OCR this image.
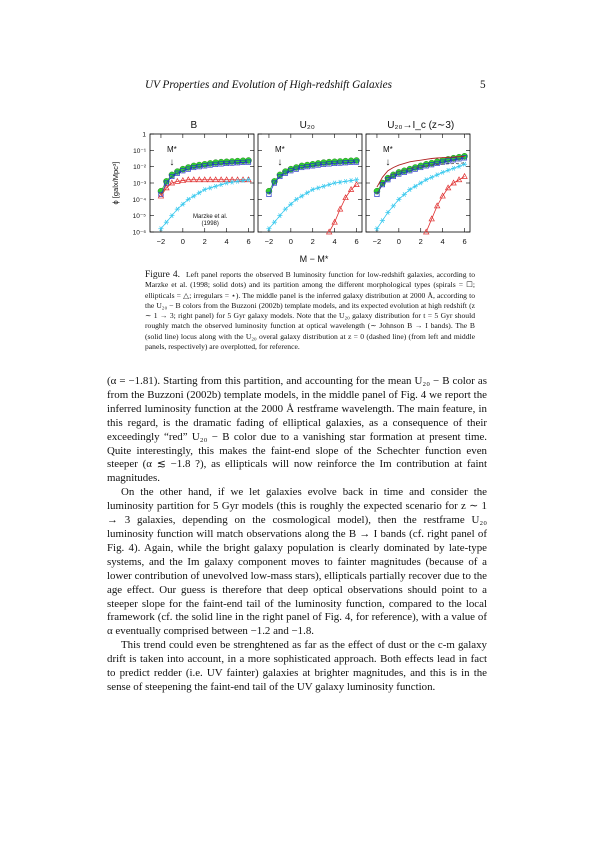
UV Properties and Evolution of High-redshift Galaxies	5
M*
↓
B
Marzke et al.
(1998)
−2 0 2 4 6
M*
↓
U₂₀
−2 0 2 4 6
M*
↓
U₂₀→I_c (z∼3)
−2 0 2 4 6
1
10⁻¹
10⁻²
10⁻³
10⁻⁴
10⁻⁵
10⁻⁶
ϕ [galx/Mpc³]
M − M*
Figure 4. Left panel reports the observed B luminosity function for low-redshift galaxies, according to Marzke et al. (1998; solid dots) and its partition among the different morphological types (spirals = ☐; ellipticals = △; irregulars = ⋆). The middle panel is the inferred galaxy distribution at 2000 Å, according to the U₂₀ − B colors from the Buzzoni (2002b) template models, and its expected evolution at high redshift (z ∼ 1 → 3; right panel) for 5 Gyr galaxy models. Note that the U₂₀ galaxy distribution for t = 5 Gyr should roughly match the observed luminosity function at optical wavelength (∼ Johnson B → I bands). The B (solid line) locus along with the U₂₀ overal galaxy distribution at z = 0 (dashed line) (from left and middle panels, respectively) are overplotted, for reference.

(α = −1.81). Starting from this partition, and accounting for the mean U₂₀ − B color as from the Buzzoni (2002b) template models, in the middle panel of Fig. 4 we report the inferred luminosity function at the 2000 Å restframe wavelength. The main feature, in this regard, is the dramatic fading of elliptical galaxies, as a consequence of their exceedingly “red” U₂₀ − B color due to a vanishing star formation at present time. Quite interestingly, this makes the faint-end slope of the Schechter function even steeper (α ≲ −1.8 ?), as ellipticals will now reinforce the Im contribution at faint magnitudes.

On the other hand, if we let galaxies evolve back in time and consider the luminosity partition for 5 Gyr models (this is roughly the expected scenario for z ∼ 1 → 3 galaxies, depending on the cosmological model), then the restframe U₂₀ luminosity function will match observations along the B → I bands (cf. right panel of Fig. 4). Again, while the bright galaxy population is clearly dominated by late-type systems, and the Im galaxy component moves to fainter magnitudes (because of a lower contribution of unevolved low-mass stars), ellipticals partially recover due to the age effect. Our guess is therefore that deep optical observations should point to a steeper slope for the faint-end tail of the luminosity function, compared to the local framework (cf. the solid line in the right panel of Fig. 4, for reference), with a value of α eventually comprised between −1.2 and −1.8.

This trend could even be strenghtened as far as the effect of dust or the c-m galaxy drift is taken into account, in a more sophisticated approach. Both effects lead in fact to predict redder (i.e. UV fainter) galaxies at brighter magnitudes, and this is in the sense of steepening the faint-end tail of the UV galaxy luminosity function.
